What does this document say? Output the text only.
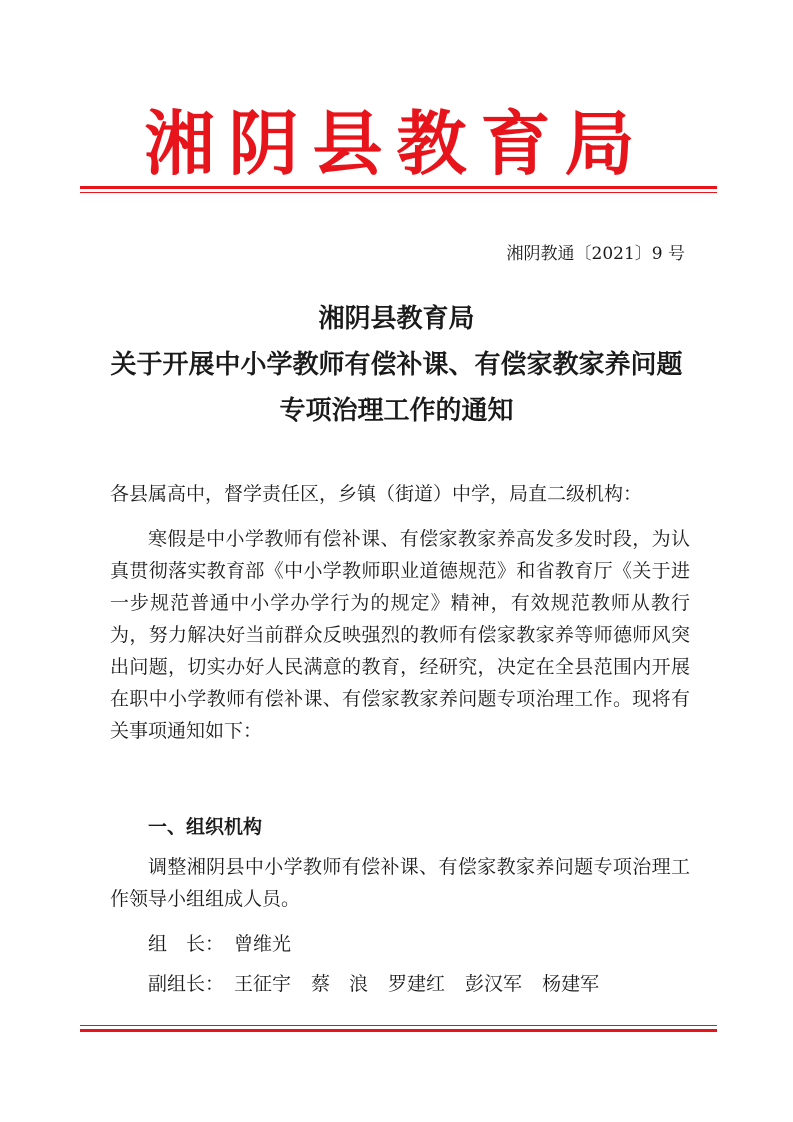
湘阴县教育局
湘阴教通〔2021〕9 号
湘阴县教育局
关于开展中小学教师有偿补课、有偿家教家养问题
专项治理工作的通知

各县属高中，督学责任区，乡镇（街道）中学，局直二级机构：

寒假是中小学教师有偿补课、有偿家教家养高发多发时段，为认真贯彻落实教育部《中小学教师职业道德规范》和省教育厅《关于进一步规范普通中小学办学行为的规定》精神，有效规范教师从教行为，努力解决好当前群众反映强烈的教师有偿家教家养等师德师风突出问题，切实办好人民满意的教育，经研究，决定在全县范围内开展在职中小学教师有偿补课、有偿家教家养问题专项治理工作。现将有关事项通知如下：

一、组织机构

调整湘阴县中小学教师有偿补课、有偿家教家养问题专项治理工作领导小组组成人员。

组　长： 曾维光
副组长： 王征宇 蔡　浪 罗建红 彭汉军 杨建军
